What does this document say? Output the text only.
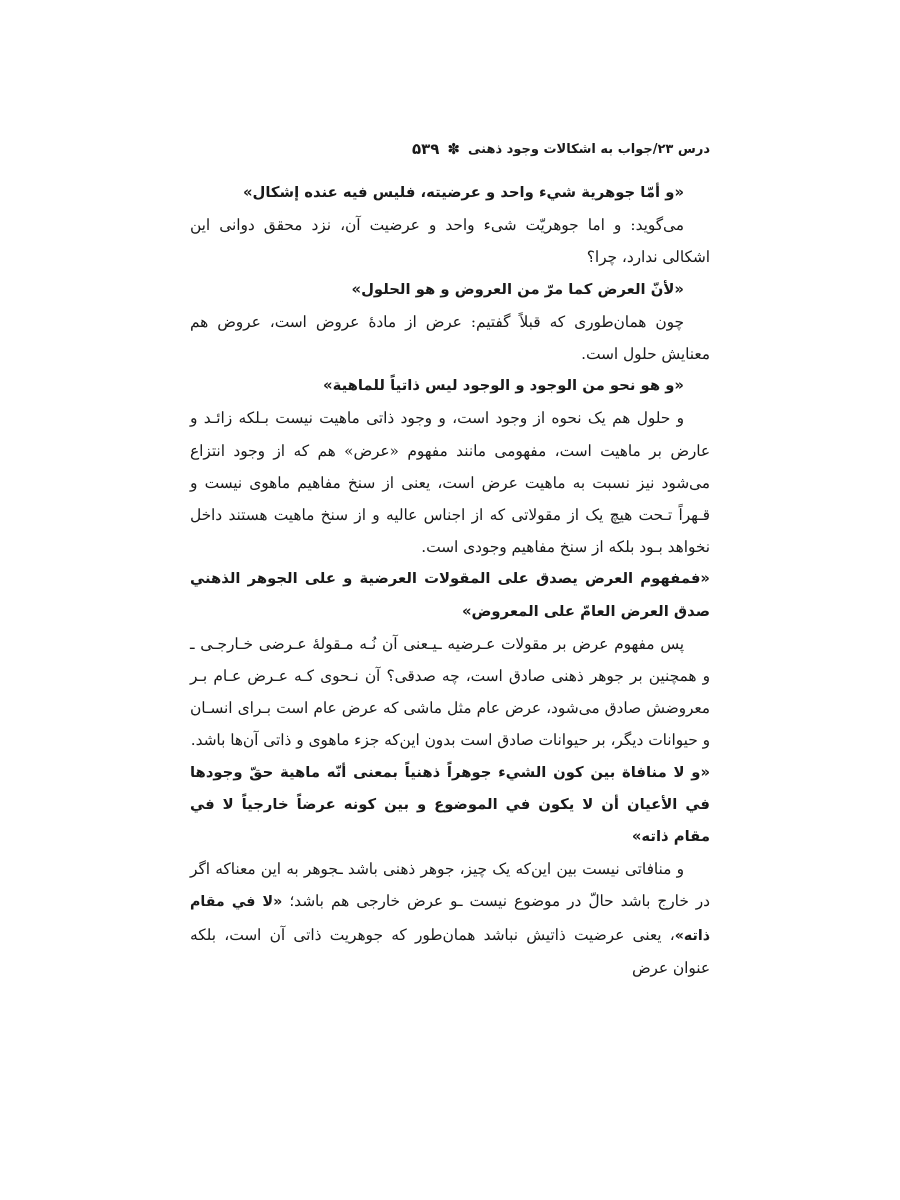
درس ۲۳/جواب به اشکالات وجود ذهنی
✽
۵۳۹

«و أمّا جوهرية شيء واحد و عرضيته، فليس فيه عنده إشكال»

می‌گوید: و اما جوهریّت شیء واحد و عرضیت آن، نزد محقق دوانی این اشکالی ندارد، چرا؟

«لأنّ العرض كما مرّ من العروض و هو الحلول»

چون همان‌طوری که قبلاً گفتیم: عرض از مادهٔ عروض است، عروض هم معنایش حلول است.

«و هو نحو من الوجود و الوجود ليس ذاتياً للماهية»

و حلول هم یک نحوه از وجود است، و وجود ذاتی ماهیت نیست بـلکه زائـد و عارض بر ماهیت است، مفهومی مانند مفهوم «عرض» هم که از وجود انتزاع می‌شود نیز نسبت به ماهیت عرض است، یعنی از سنخ مفاهیم ماهوی نیست و قـهراً تـحت هیچ یک از مقولاتی که از اجناس عالیه و از سنخ ماهیت هستند داخل نخواهد بـود بلکه از سنخ مفاهیم وجودی است.

«فمفهوم العرض يصدق على المقولات العرضية و على الجوهر الذهني صدق العرض العامّ على المعروض»

پس مفهوم عرض بر مقولات عـرضیه ـیـعنی آن نُـه مـقولهٔ عـرضی خـارجـی ـ و همچنین بر جوهر ذهنی صادق است، چه صدقی؟ آن نـحوی کـه عـرض عـام بـر معروضش صادق می‌شود، عرض عام مثل ماشی که عرض عام است بـرای انسـان و حیوانات دیگر، بر حیوانات صادق است بدون این‌که جزء ماهوی و ذاتی آن‌ها باشد.

«و لا منافاة بين كون الشيء جوهراً ذهنياً بمعنى أنّه ماهية حقّ وجودها في الأعيان أن لا يكون في الموضوع و بين كونه عرضاً خارجياً لا في مقام ذاته»

و منافاتی نیست بین این‌که یک چیز، جوهر ذهنی باشد ـجوهر به این معناکه اگر در خارج باشد حالّ در موضوع نیست ـو عرض خارجی هم باشد؛ «لا في مقام ذاته»، یعنی عرضیت ذاتیش نباشد همان‌طور که جوهریت ذاتی آن است، بلکه عنوان عرض
